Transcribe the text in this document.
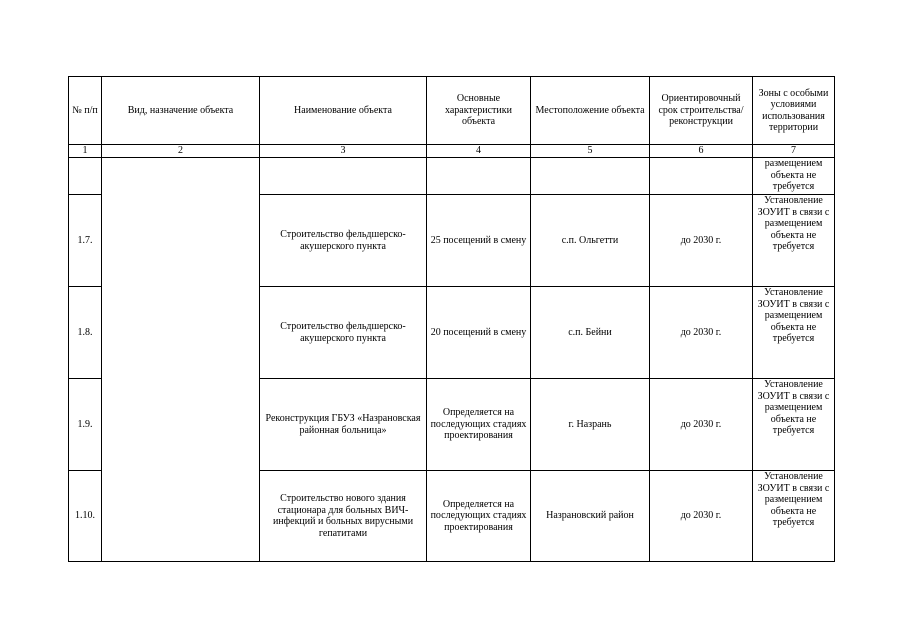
№ п/п	Вид, назначение объекта	Наименование объекта	Основные характеристики объекта	Местоположение объекта	Ориентировочный срок строительства/ реконструкции	Зоны с особыми условиями использования территории
1	2	3	4	5	6	7
						размещением объекта не требуется
1.7.		Строительство фельдшерско-акушерского пункта	25 посещений в смену	с.п. Ольгетти	до 2030 г.	Установление ЗОУИТ в связи с размещением объекта не требуется
1.8.		Строительство фельдшерско-акушерского пункта	20 посещений в смену	с.п. Бейни	до 2030 г.	Установление ЗОУИТ в связи с размещением объекта не требуется
1.9.		Реконструкция ГБУЗ «Назрановская районная больница»	Определяется на последующих стадиях проектирования	г. Назрань	до 2030 г.	Установление ЗОУИТ в связи с размещением объекта не требуется
1.10.		Строительство нового здания стационара для больных ВИЧ-инфекций и больных вирусными гепатитами	Определяется на последующих стадиях проектирования	Назрановский район	до 2030 г.	Установление ЗОУИТ в связи с размещением объекта не требуется
